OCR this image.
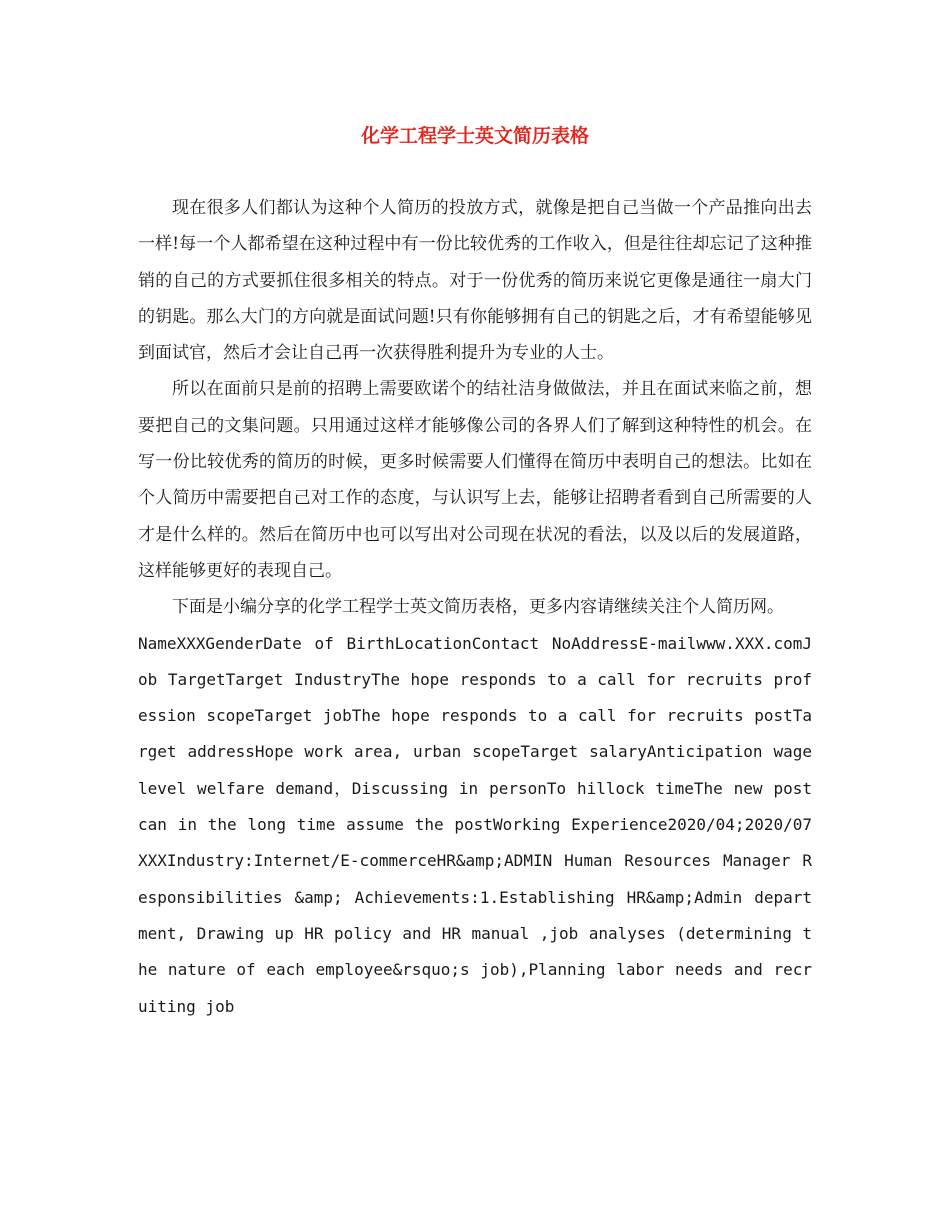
化学工程学士英文简历表格

现在很多人们都认为这种个人简历的投放方式，就像是把自己当做一个产品推向出去一样!每一个人都希望在这种过程中有一份比较优秀的工作收入，但是往往却忘记了这种推销的自己的方式要抓住很多相关的特点。对于一份优秀的简历来说它更像是通往一扇大门的钥匙。那么大门的方向就是面试问题!只有你能够拥有自己的钥匙之后，才有希望能够见到面试官，然后才会让自己再一次获得胜利提升为专业的人士。

所以在面前只是前的招聘上需要欧诺个的结社洁身做做法，并且在面试来临之前，想要把自己的文集问题。只用通过这样才能够像公司的各界人们了解到这种特性的机会。在写一份比较优秀的简历的时候，更多时候需要人们懂得在简历中表明自己的想法。比如在个人简历中需要把自己对工作的态度，与认识写上去，能够让招聘者看到自己所需要的人才是什么样的。然后在简历中也可以写出对公司现在状况的看法，以及以后的发展道路，这样能够更好的表现自己。

下面是小编分享的化学工程学士英文简历表格，更多内容请继续关注个人简历网。

NameXXXGenderDate of BirthLocationContact NoAddressE-mailwww.XXX.comJob TargetTarget IndustryThe hope responds to a call for recruits profession scopeTarget jobThe hope responds to a call for recruits postTarget addressHope work area, urban scopeTarget salaryAnticipation wage level welfare demand，Discussing in personTo hillock timeThe new post can in the long time assume the postWorking Experience2020/04;2020/07XXXIndustry:Internet/E-commerceHR&amp;ADMIN Human Resources Manager Responsibilities &amp; Achievements:1.Establishing HR&amp;Admin department, Drawing up HR policy and HR manual ,job analyses (determining the nature of each employee&rsquo;s job),Planning labor needs and recruiting job
